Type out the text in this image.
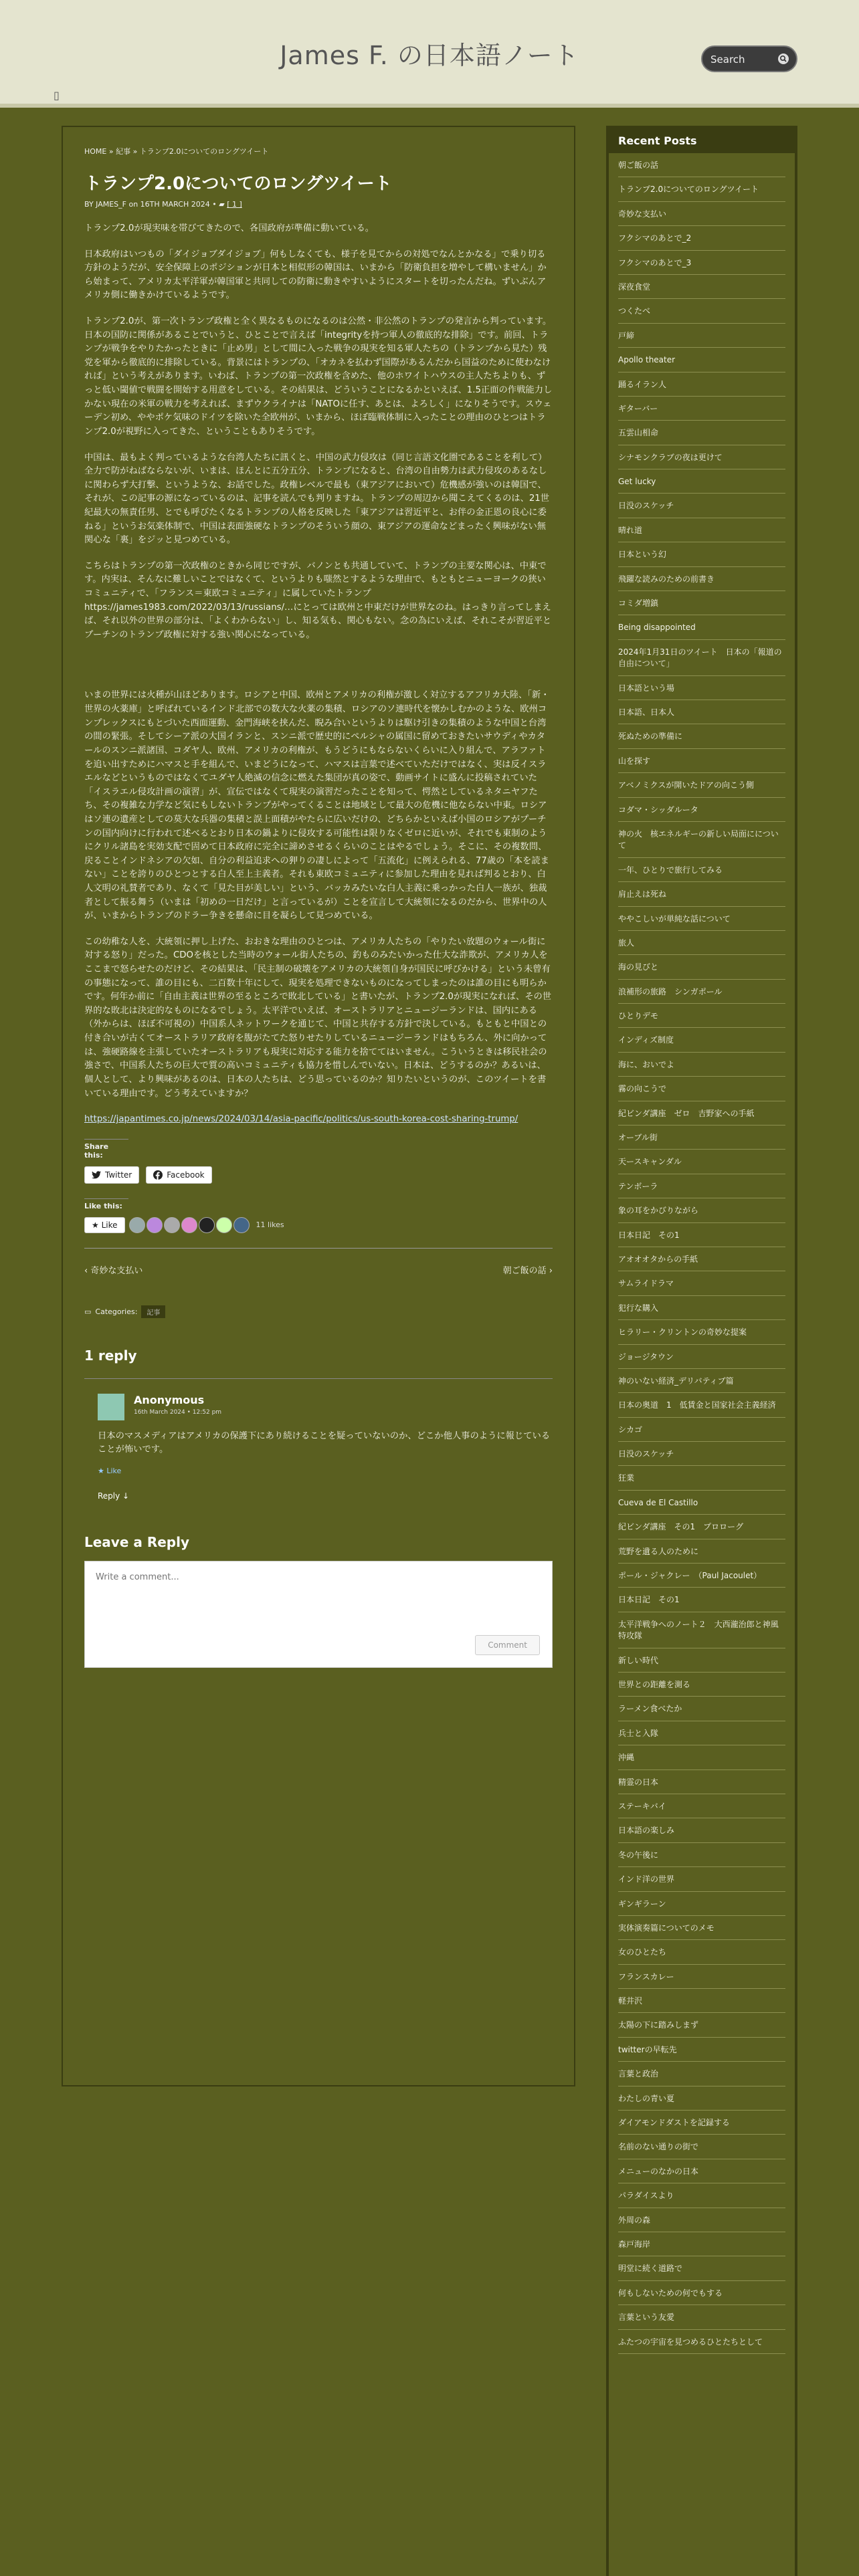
James F. の日本語ノート
Search
▯
HOME » 紀事 » トランプ2.0についてのロングツイート
トランプ2.0についてのロングツイート
BY JAMES_F on 16TH MARCH 2024 • ▰ [ 1 ]

トランプ2.0が現実味を帯びてきたので、各国政府が準備に動いている。

日本政府はいつもの「ダイジョブダイジョブ」何もしなくても、様子を見てからの対処でなんとかなる」で乗り切る方針のようだが、安全保障上のポジションが日本と相似形の韓国は、いまから「防衛負担を増やして構いません」から始まって、アメリカ太平洋軍が韓国軍と共同しての防衛に動きやすいようにスタートを切ったんだね。ずいぶんアメリカ側に働きかけているようです。

トランプ2.0が、第一次トランプ政権と全く異なるものになるのは公然・非公然のトランプの発言から判っています。日本の国防に関係があることでいうと、ひとことで言えば「integrityを持つ軍人の徹底的な排除」です。前回、トランプが戦争をやりたかったときに「止め男」として間に入った戦争の現実を知る軍人たちの（トランプから見た）残党を軍から徹底的に排除している。背景にはトランプの、「オカネを払わず国際があるんだから国益のために使わなければ」という考えがあります。いわば、トランプの第一次政権を含めた、他のホワイトハウスの主人たちよりも、ずっと低い閾値で戦闘を開始する用意をしている。その結果は、どういうことになるかといえば、1.5正面の作戦能力しかない現在の米軍の戦力を考えれば、まずウクライナは「NATOに任す、あとは、よろしく」になりそうです。スウェーデン初め、ややポケ気味のドイツを除いた全欧州が、いまから、ほぼ臨戦体制に入ったことの理由のひとつはトランプ2.0が視野に入ってきた、ということもありそうです。

中国は、最もよく判っているような台湾人たちに訊くと、中国の武力侵攻は（同じ言語文化圏であることを利して）全力で防がねばならないが、いまは、ほんとに五分五分、トランプになると、台湾の自由勢力は武力侵攻のあるなしに関わらず大打撃、というような、お話でした。政権レベルで最も（東アジアにおいて）危機感が強いのは韓国で、それが、この記事の源になっているのは、記事を読んでも判りますね。トランプの周辺から聞こえてくるのは、21世紀最大の無責任男、とでも呼びたくなるトランプの人格を反映した「東アジアは習近平と、お伴の金正恩の良心に委ねる」というお気楽体制で、中国は表面強硬なトランプのそういう顔の、東アジアの運命などまったく興味がない無関心な「裏」をジッと見つめている。

こちらはトランプの第一次政権のときから同じですが、バノンとも共通していて、トランプの主要な関心は、中東です。内実は、そんなに難しいことではなくて、というよりも嗤然とするような理由で、もともとニューヨークの狭いコミュニティで、「フランス＝東欧コミュニティ」に属していたトランプ https://james1983.com/2022/03/13/russians/…にとっては欧州と中東だけが世界なのね。はっきり言ってしまえば、それ以外の世界の部分は、「よくわからない」し、知る気も、関心もない。念の為にいえば、それこそが習近平とプーチンのトランプ政権に対する強い関心になっている。

いまの世界には火種が山ほどあります。ロシアと中国、欧州とアメリカの利権が激しく対立するアフリカ大陸、「新・世界の火薬庫」と呼ばれているインド北部での数大な火薬の集積、ロシアのソ連時代を懐かしむかのような、欧州コンプレックスにもとづいた西面運動、金門海峡を挟んだ、睨み合いというよりは駆け引きの集積のような中国と台湾の間の緊張。そしてシーア派の大国イランと、スンニ派で歴史的にペルシャの属国に留めておきたいサウディやカタールのスンニ派諸国、コダヤ人、欧州、アメリカの利権が、もうどうにもならないくらいに入り組んで、アラファトを追い出すためにハマスと手を組んで、いまどうになって、ハマスは言葉で述べていただけではなく、実は反イスラエルなどというものではなくてユダヤ人絶滅の信念に燃えた集団が真の姿で、動画サイトに盛んに投稿されていた「イスラエル侵攻計画の演習」が、宣伝ではなくて現実の演習だったことを知って、愕然としているネタニヤフたち、その複雑な力学など気にもしないトランプがやってくることは地域として最大の危機に他ならない中東。ロシアはソ連の遺産としての莫大な兵器の集積と誤上面積がやたらに広いだけの、どちらかといえば小国のロシアがプーチンの国内向けに行われて述べるとおり日本の鍋よりに侵攻する可能性は限りなくゼロに近いが、それでも東制のようにクリル諸島を実効支配で固めて日本政府に完全に諦めさせるくらいのことはやるでしょう。そこに、その複数問、戻ることインドネシアの欠如、自分の利益追求への狎りの凄しによって「五流化」に例えられる、77歳の「本を読まない」ことを誇りのひとつとする白人至上主義者。それも東欧コミュニティに参加した理由を見れば判るとおり、白人文明の礼賛者であり、なくて「見た目が美しい」という、バッカみたいな白人主義に乗っかった白人一族が、独裁者として振る舞う（いまは「初めの一日だけ」と言っているが）ことを宣言して大統領になるのだから、世界中の人が、いまからトランプのドラー争きを懸命に目を凝らして見つめている。

この幼稚な人を、大統領に押し上げた、おおきな理由のひとつは、アメリカ人たちの「やりたい放題のウォール街に対する怒り」だった。CDOを核とした当時のウォール街人たちの、釣ものみたいかった仕大な詐欺が、アメリカ人をここまで怒らせたのだけど、その結果は、「民主制の破壊をアメリカの大統領自身が国民に呼びかける」という未曾有の事態になって、誰の目にも、二百数十年にして、現実を処理できないものになってしまったのは誰の目にも明らかです。何年か前に「自由主義は世界の至るところで敗北している」と書いたが、トランプ2.0が現実になれば、その世界的な敗北は決定的なものになるでしょう。太平洋でいえば、オーストラリアとニュージーランドは、国内にある（外からは、ほぼ不可視の）中国系人ネットワークを通じて、中国と共存する方針で決している。もともと中国との付き合いが古くてオーストラリア政府を腹がたてた怒りせたりしているニュージーランドはもちろん、外に向かっては、強硬路線を主張していたオーストラリアも現実に対応する能力を捨ててはいません。こういうときは移民社会の強さで、中国系人たちの巨大で質の高いコミュニティも協力を惜しんでいない。日本は、どうするのか？あるいは、個人として、より興味があるのは、日本の人たちは、どう思っているのか？知りたいというのが、このツイートを書いている理由です。どう考えていますか？

https://japantimes.co.jp/news/2024/03/14/asia-pacific/politics/us-south-korea-cost-sharing-trump/

Share this:
Twitter	Facebook
Like this:
★ Like	11 likes
‹ 奇妙な支払い	朝ご飯の話 ›
▭ Categories:	記事
1 reply
Anonymous
16th March 2024 • 12:52 pm
日本のマスメディアはアメリカの保護下にあり続けることを疑っていないのか、どこか他人事のように報じていることが怖いです。
★ Like
Reply ↓
Leave a Reply
Write a comment...
Comment
Recent Posts
朝ご飯の話
トランプ2.0についてのロングツイート
奇妙な支払い
フクシマのあとで_2
フクシマのあとで_3
深夜食堂
つくたべ
戸締
Apollo theater
踊るイラン人
ギターバー
五雲山相命
シナモンクラブの夜は更けて
Get lucky
日没のスケッチ
晴れ道
日本という幻
飛躍な読みのための前書き
コミダ増鎮
Being disappointed
2024年1月31日のツイート　日本の「報道の自由について」
日本語という場
日本語、日本人
死ぬための準備に
山を探す
アベノミクスが開いたドアの向こう側
コダマ・シッダルータ
神の火　核エネルギーの新しい局面にについて
一年、ひとりで旅行してみる
肩止えは死ね
ややこしいが単純な話について
旅人
海の見びと
浪補形の旅路　シンガポール
ひとりデモ
インディズ制度
海に、おいでよ
霧の向こうで
紀ビンダ講座　ゼロ　吉野家への手紙
オーブル街
天ースキャンダル
テンボーラ
象の耳をかびりながら
日本日記　その1
アオオオタからの手紙
サムライドラマ
犯行な購入
ヒラリー・クリントンの奇妙な提案
ジョージタウン
神のいない経済_デリバティブ篇
日本の奥道　1　低賃金と国家社会主義経済
シカゴ
日没のスケッチ
狂業
Cueva de El Castillo
紀ビンダ講座　その1　プロローグ
荒野を遺る人のために
ポール・ジャクレー　（Paul Jacoulet）
日本日記　その1
太平洋戦争へのノート２　大西瀧治郎と神風特攻隊
新しい時代
世界との距離を測る
ラーメン食べたか
兵士と入隊
沖縄
精霊の日本
ステーキバイ
日本語の楽しみ
冬の午後に
インド洋の世界
ギンギラーン
実体演奏篇についてのメモ
女のひとたち
フランスカレー
軽井沢
太陽の下に踏みしまず
twitterの早転先
言葉と政治
わたしの青い夏
ダイアモンドダストを記録する
名前のない通りの街で
メニューのなかの日本
パラダイスより
外周の森
森戸海岸
明堂に続く道路で
何もしないための何でもする
言葉という友愛
ふたつの宇宙を見つめるひとたちとして
